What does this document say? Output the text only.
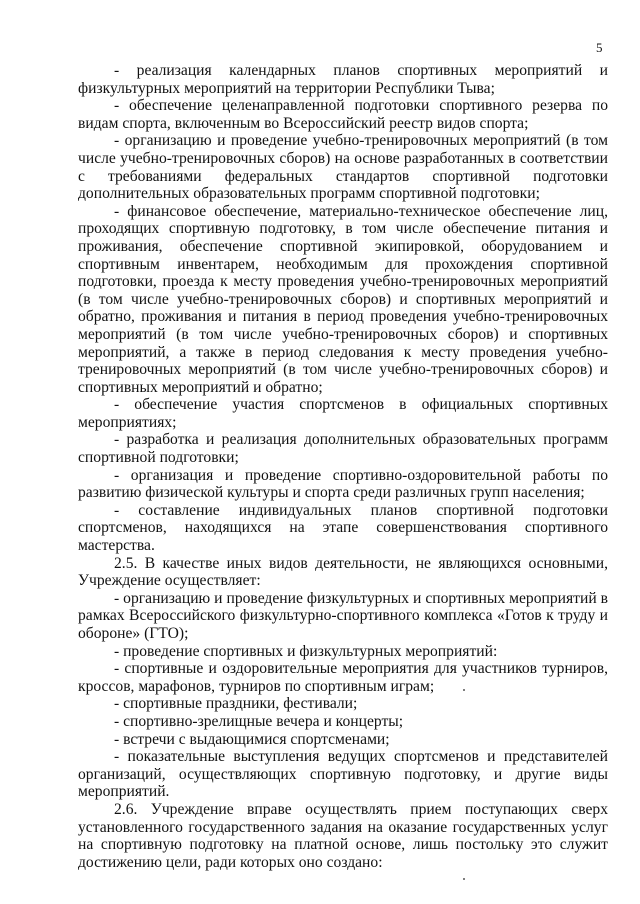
5

- реализация календарных планов спортивных мероприятий и физкультурных мероприятий на территории Республики Тыва;

- обеспечение целенаправленной подготовки спортивного резерва по видам спорта, включенным во Всероссийский реестр видов спорта;

- организацию и проведение учебно-тренировочных мероприятий (в том числе учебно-тренировочных сборов) на основе разработанных в соответствии с требованиями федеральных стандартов спортивной подготовки дополнительных образовательных программ спортивной подготовки;

- финансовое обеспечение, материально-техническое обеспечение лиц, проходящих спортивную подготовку, в том числе обеспечение питания и проживания, обеспечение спортивной экипировкой, оборудованием и спортивным инвентарем, необходимым для прохождения спортивной подготовки, проезда к месту проведения учебно-тренировочных мероприятий (в том числе учебно-тренировочных сборов) и спортивных мероприятий и обратно, проживания и питания в период проведения учебно-тренировочных мероприятий (в том числе учебно-тренировочных сборов) и спортивных мероприятий, а также в период следования к месту проведения учебно-тренировочных мероприятий (в том числе учебно-тренировочных сборов) и спортивных мероприятий и обратно;

- обеспечение участия спортсменов в официальных спортивных мероприятиях;

- разработка и реализация дополнительных образовательных программ спортивной подготовки;

- организация и проведение спортивно-оздоровительной работы по развитию физической культуры и спорта среди различных групп населения;

- составление индивидуальных планов спортивной подготовки спортсменов, находящихся на этапе совершенствования спортивного мастерства.

2.5. В качестве иных видов деятельности, не являющихся основными, Учреждение осуществляет:

- организацию и проведение физкультурных и спортивных мероприятий в рамках Всероссийского физкультурно-спортивного комплекса «Готов к труду и обороне» (ГТО);

- проведение спортивных и физкультурных мероприятий:

- спортивные и оздоровительные мероприятия для участников турниров, кроссов, марафонов, турниров по спортивным играм;

- спортивные праздники, фестивали;

- спортивно-зрелищные вечера и концерты;

- встречи с выдающимися спортсменами;

- показательные выступления ведущих спортсменов и представителей организаций, осуществляющих спортивную подготовку, и другие виды мероприятий.

2.6. Учреждение вправе осуществлять прием поступающих сверх установленного государственного задания на оказание государственных услуг на спортивную подготовку на платной основе, лишь постольку это служит достижению цели, ради которых оно создано:
